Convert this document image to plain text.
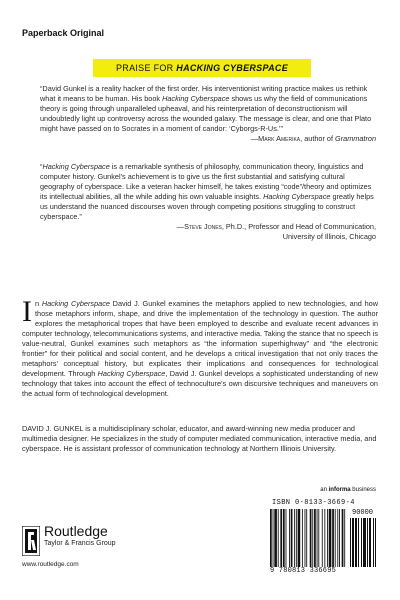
Paperback Original
PRAISE FOR HACKING CYBERSPACE
“David Gunkel is a reality hacker of the first order. His interventionist writing practice makes us rethink what it means to be human. His book Hacking Cyberspace shows us why the field of communications theory is going through unparalleled upheaval, and his reinterpretation of deconstructionism will undoubtedly light up controversy across the wounded galaxy. The message is clear, and one that Plato might have passed on to Socrates in a moment of candor: ‘Cyborgs-R-Us.’”
—Mark Amerika, author of Grammatron
“Hacking Cyberspace is a remarkable synthesis of philosophy, communication theory, linguistics and computer history. Gunkel’s achievement is to give us the first substantial and satisfying cultural geography of cyberspace. Like a veteran hacker himself, he takes existing “code”/theory and optimizes its intellectual abilities, all the while adding his own valuable insights. Hacking Cyberspace greatly helps us understand the nuanced discourses woven through competing positions struggling to construct cyberspace.”
—Steve Jones, Ph.D., Professor and Head of Communication,
University of Illinois, Chicago
In Hacking Cyberspace David J. Gunkel examines the metaphors applied to new technologies, and how those metaphors inform, shape, and drive the implementation of the technology in question. The author explores the metaphorical tropes that have been employed to describe and evaluate recent advances in computer technology, telecommunications systems, and interactive media. Taking the stance that no speech is value-neutral, Gunkel examines such metaphors as “the information superhighway” and “the electronic frontier” for their political and social content, and he develops a critical investigation that not only traces the metaphors’ conceptual history, but explicates their implications and consequences for technological development. Through Hacking Cyberspace, David J. Gunkel develops a sophisticated understanding of new technology that takes into account the effect of technoculture’s own discursive techniques and maneuvers on the actual form of technological development.
DAVID J. GUNKEL is a multidisciplinary scholar, educator, and award-winning new media producer and multimedia designer. He specializes in the study of computer mediated communication, interactive media, and cyberspace. He is assistant professor of communication technology at Northern Illinois University.
an informa business
ISBN 0-8133-3669-4
90000
9 780813 336695
Routledge
Taylor & Francis Group
www.routledge.com
